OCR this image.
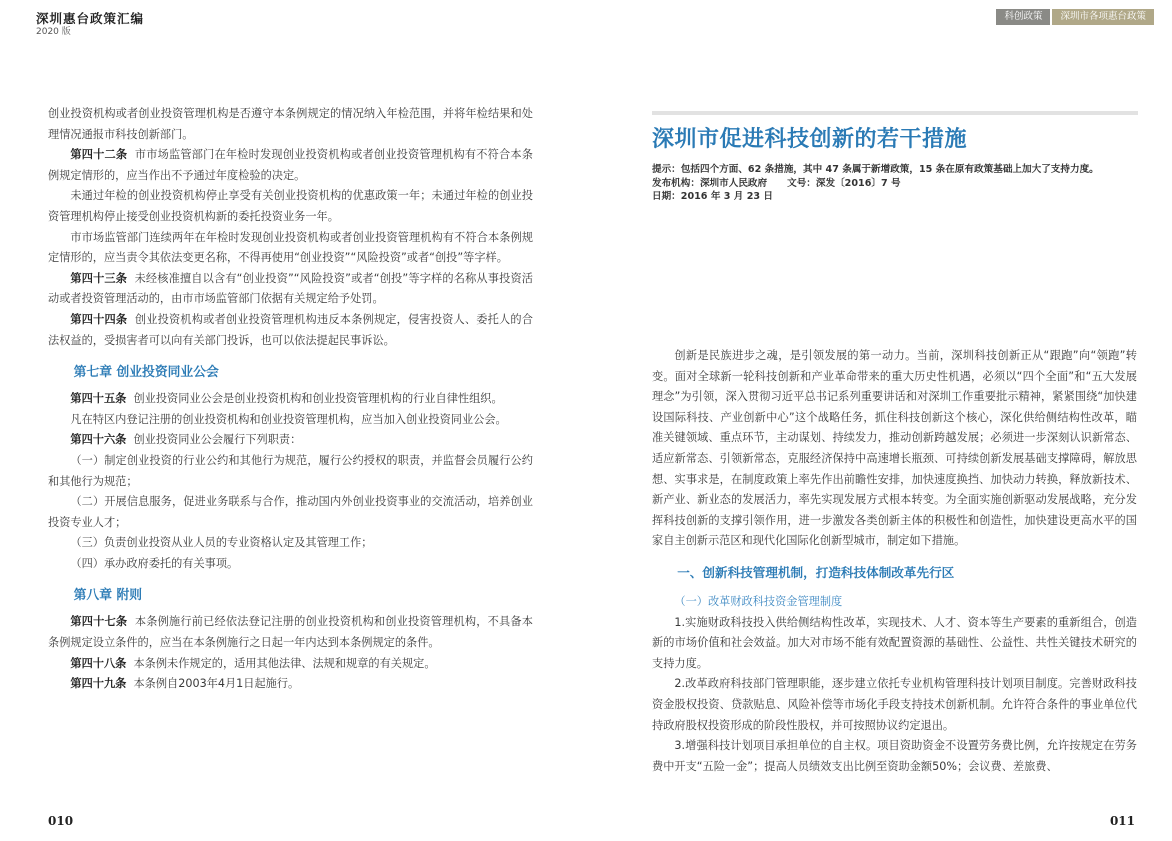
深圳惠台政策汇编
2020 版

创业投资机构或者创业投资管理机构是否遵守本条例规定的情况纳入年检范围，并将年检结果和处理情况通报市科技创新部门。

第四十二条 市市场监管部门在年检时发现创业投资机构或者创业投资管理机构有不符合本条例规定情形的，应当作出不予通过年度检验的决定。

未通过年检的创业投资机构停止享受有关创业投资机构的优惠政策一年；未通过年检的创业投资管理机构停止接受创业投资机构新的委托投资业务一年。

市市场监管部门连续两年在年检时发现创业投资机构或者创业投资管理机构有不符合本条例规定情形的，应当责令其依法变更名称，不得再使用“创业投资”“风险投资”或者“创投”等字样。

第四十三条 未经核准擅自以含有“创业投资”“风险投资”或者“创投”等字样的名称从事投资活动或者投资管理活动的，由市市场监管部门依据有关规定给予处罚。

第四十四条 创业投资机构或者创业投资管理机构违反本条例规定，侵害投资人、委托人的合法权益的，受损害者可以向有关部门投诉，也可以依法提起民事诉讼。

第七章 创业投资同业公会

第四十五条 创业投资同业公会是创业投资机构和创业投资管理机构的行业自律性组织。

凡在特区内登记注册的创业投资机构和创业投资管理机构，应当加入创业投资同业公会。

第四十六条 创业投资同业公会履行下列职责：

（一）制定创业投资的行业公约和其他行为规范，履行公约授权的职责，并监督会员履行公约和其他行为规范；

（二）开展信息服务，促进业务联系与合作，推动国内外创业投资事业的交流活动，培养创业投资专业人才；

（三）负责创业投资从业人员的专业资格认定及其管理工作；

（四）承办政府委托的有关事项。

第八章 附则

第四十七条 本条例施行前已经依法登记注册的创业投资机构和创业投资管理机构，不具备本条例规定设立条件的，应当在本条例施行之日起一年内达到本条例规定的条件。

第四十八条 本条例未作规定的，适用其他法律、法规和规章的有关规定。

第四十九条 本条例自2003年4月1日起施行。

010
科创政策	深圳市各项惠台政策
深圳市促进科技创新的若干措施
提示：包括四个方面、62 条措施，其中 47 条属于新增政策，15 条在原有政策基础上加大了支持力度。
发布机构：深圳市人民政府 文号：深发〔2016〕7 号
日期：2016 年 3 月 23 日

创新是民族进步之魂，是引领发展的第一动力。当前，深圳科技创新正从“跟跑”向“领跑”转变。面对全球新一轮科技创新和产业革命带来的重大历史性机遇，必须以“四个全面”和“五大发展理念”为引领，深入贯彻习近平总书记系列重要讲话和对深圳工作重要批示精神，紧紧围绕“加快建设国际科技、产业创新中心”这个战略任务，抓住科技创新这个核心，深化供给侧结构性改革，瞄准关键领域、重点环节，主动谋划、持续发力，推动创新跨越发展；必须进一步深刻认识新常态、适应新常态、引领新常态，克服经济保持中高速增长瓶颈、可持续创新发展基础支撑障碍，解放思想、实事求是，在制度政策上率先作出前瞻性安排，加快速度换挡、加快动力转换，释放新技术、新产业、新业态的发展活力，率先实现发展方式根本转变。为全面实施创新驱动发展战略，充分发挥科技创新的支撑引领作用，进一步激发各类创新主体的积极性和创造性，加快建设更高水平的国家自主创新示范区和现代化国际化创新型城市，制定如下措施。

一、创新科技管理机制，打造科技体制改革先行区

（一）改革财政科技资金管理制度

1.实施财政科技投入供给侧结构性改革，实现技术、人才、资本等生产要素的重新组合，创造新的市场价值和社会效益。加大对市场不能有效配置资源的基础性、公益性、共性关键技术研究的支持力度。

2.改革政府科技部门管理职能，逐步建立依托专业机构管理科技计划项目制度。完善财政科技资金股权投资、贷款贴息、风险补偿等市场化手段支持技术创新机制。允许符合条件的事业单位代持政府股权投资形成的阶段性股权，并可按照协议约定退出。

3.增强科技计划项目承担单位的自主权。项目资助资金不设置劳务费比例，允许按规定在劳务费中开支“五险一金”；提高人员绩效支出比例至资助金额50%；会议费、差旅费、

011
